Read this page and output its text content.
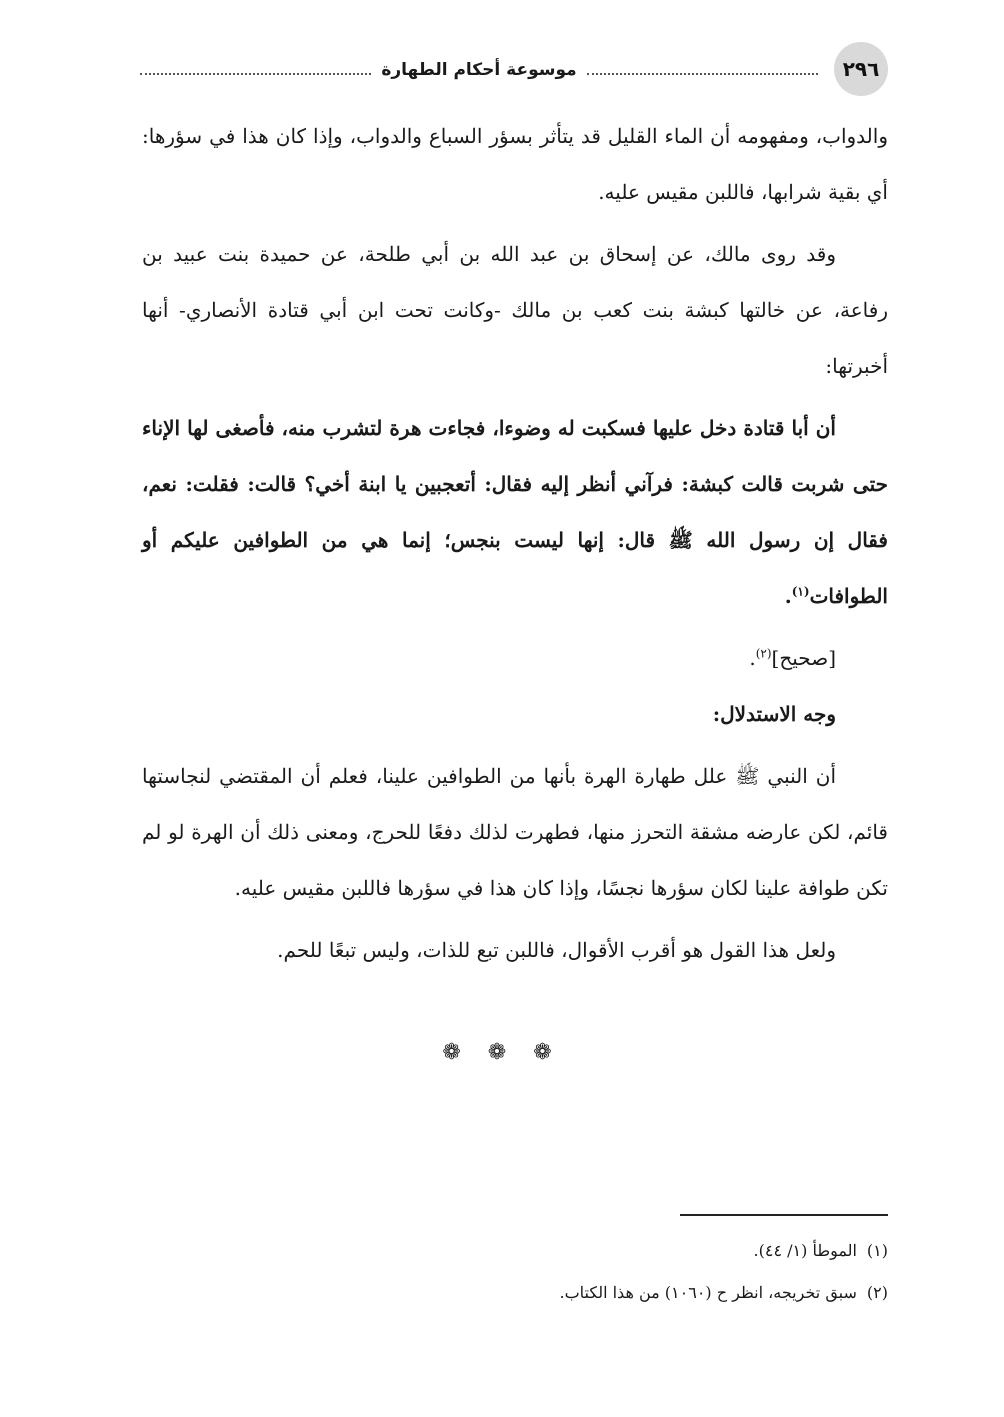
٢٩٦
موسوعة أحكام الطهارة

والدواب، ومفهومه أن الماء القليل قد يتأثر بسؤر السباع والدواب، وإذا كان هذا في سؤرها: أي بقية شرابها، فاللبن مقيس عليه.

وقد روى مالك، عن إسحاق بن عبد الله بن أبي طلحة، عن حميدة بنت عبيد بن رفاعة، عن خالتها كبشة بنت كعب بن مالك -وكانت تحت ابن أبي قتادة الأنصاري- أنها أخبرتها:

أن أبا قتادة دخل عليها فسكبت له وضوءا، فجاءت هرة لتشرب منه، فأصغى لها الإناء حتى شربت قالت كبشة: فرآني أنظر إليه فقال: أتعجبين يا ابنة أخي؟ قالت: فقلت: نعم، فقال إن رسول الله ﷺ قال: إنها ليست بنجس؛ إنما هي من الطوافين عليكم أو الطوافات$^{(١)}$.

[صحيح]$^{(٢)}$.

وجه الاستدلال:

أن النبي ﷺ علل طهارة الهرة بأنها من الطوافين علينا، فعلم أن المقتضي لنجاستها قائم، لكن عارضه مشقة التحرز منها، فطهرت لذلك دفعًا للحرج، ومعنى ذلك أن الهرة لو لم تكن طوافة علينا لكان سؤرها نجسًا، وإذا كان هذا في سؤرها فاللبن مقيس عليه.

ولعل هذا القول هو أقرب الأقوال، فاللبن تبع للذات، وليس تبعًا للحم.

❁ ❁ ❁
(١)الموطأ (١/ ٤٤).
(٢)سبق تخريجه، انظر ح (١٠٦٠) من هذا الكتاب.
